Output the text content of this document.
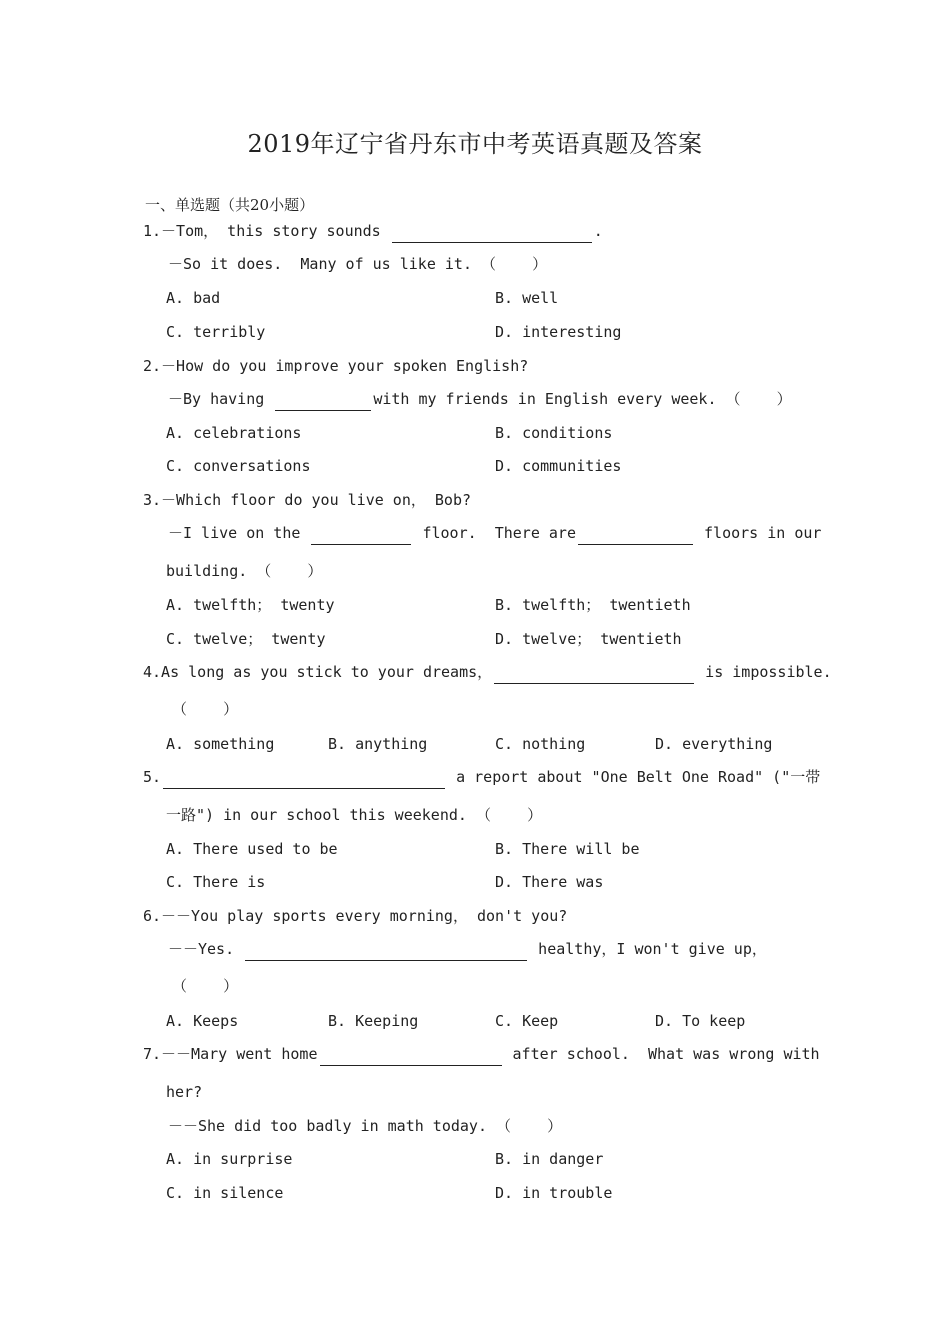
2019年辽宁省丹东市中考英语真题及答案
一、单选题（共20小题）
1.－Tom， this story sounds	.
－So it does.  Many of us like it. （    ）
A. bad	B. well
C. terribly	D. interesting
2.－How do you improve your spoken English?
－By having	with my friends in English every week. （    ）
A. celebrations	B. conditions
C. conversations	D. communities
3.－Which floor do you live on， Bob?
－I live on the	floor.  There are	floors in our
building. （    ）
A. twelfth； twenty	B. twelfth； twentieth
C. twelve； twenty	D. twelve； twentieth
4.As long as you stick to your dreams，	is impossible.
（    ）
A. something	B. anything	C. nothing	D. everything
5.	a report about "One Belt One Road" ("一带
一路") in our school this weekend. （    ）
A. There used to be	B. There will be
C. There is	D. There was
6.－－You play sports every morning， don't you?
－－Yes.	healthy，I won't give up，
（    ）
A. Keeps	B. Keeping	C. Keep	D. To keep
7.－－Mary went home	after school.  What was wrong with
her?
－－She did too badly in math today. （    ）
A. in surprise	B. in danger
C. in silence	D. in trouble
